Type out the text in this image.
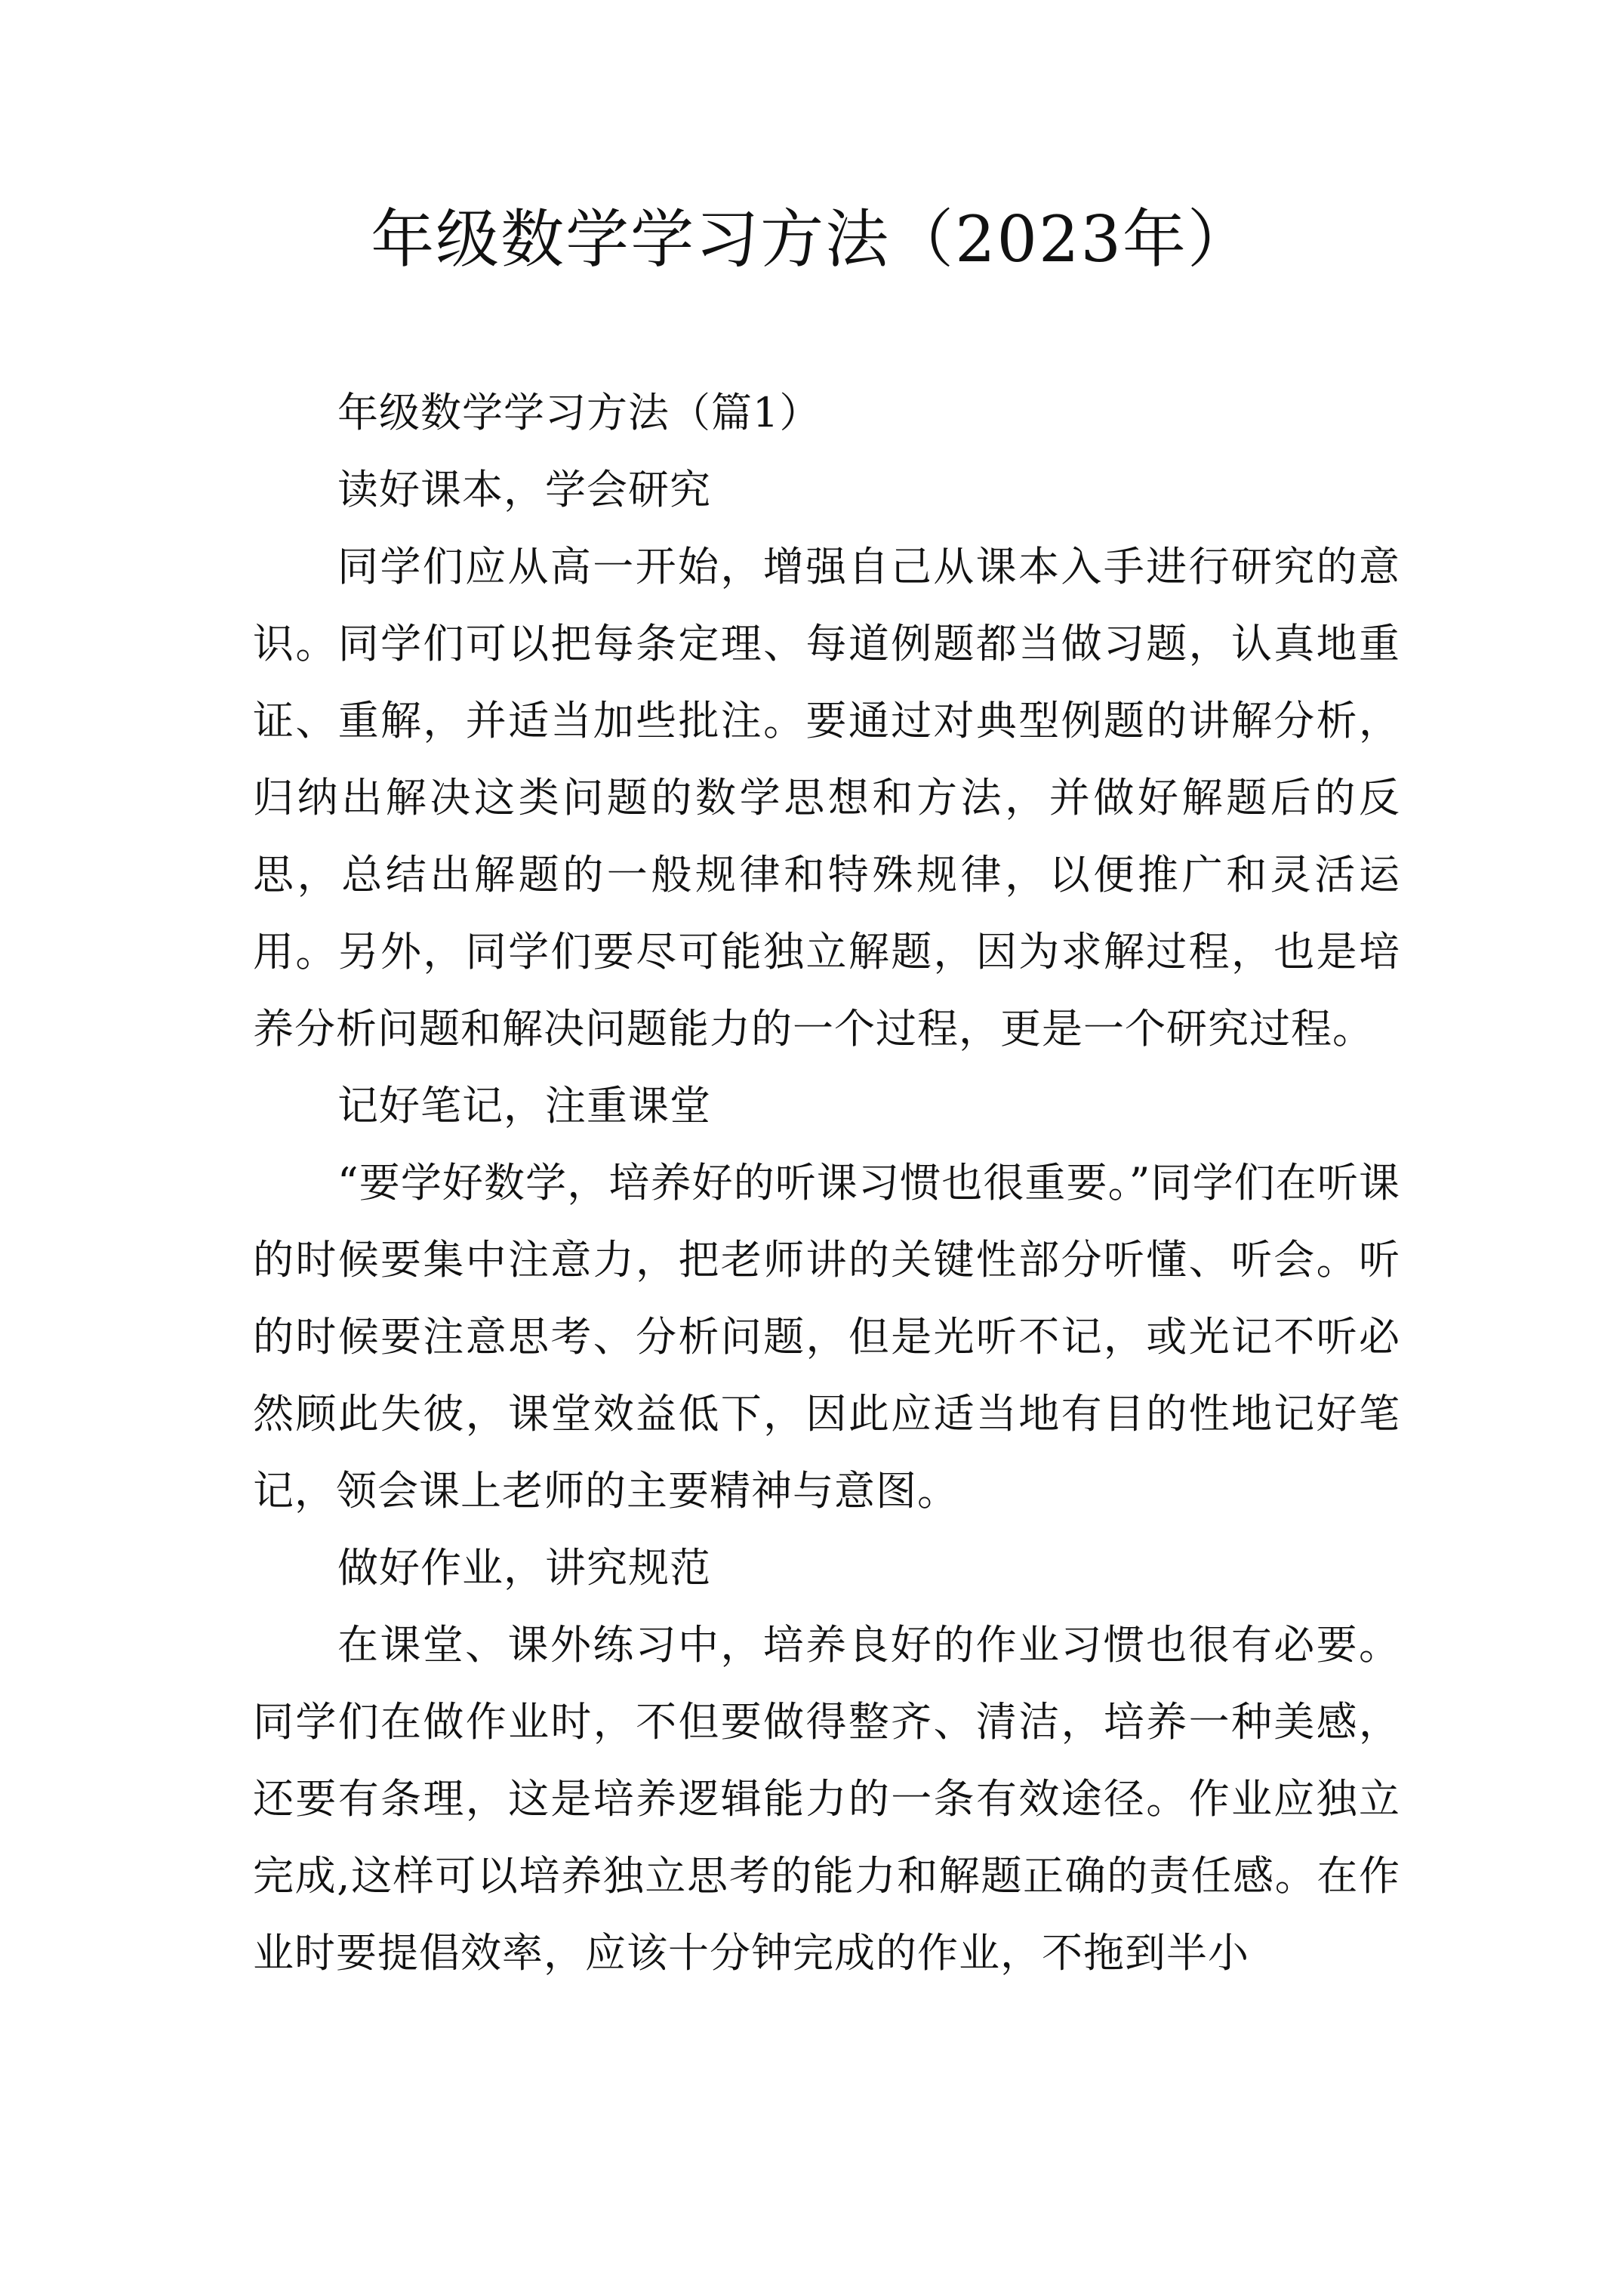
年级数学学习方法（2023年）

年级数学学习方法（篇1）

读好课本，学会研究

同学们应从高一开始，增强自己从课本入手进行研究的意识。同学们可以把每条定理、每道例题都当做习题，认真地重证、重解，并适当加些批注。要通过对典型例题的讲解分析，归纳出解决这类问题的数学思想和方法，并做好解题后的反思，总结出解题的一般规律和特殊规律，以便推广和灵活运用。另外，同学们要尽可能独立解题，因为求解过程，也是培养分析问题和解决问题能力的一个过程，更是一个研究过程。

记好笔记，注重课堂

“要学好数学，培养好的听课习惯也很重要。”同学们在听课的时候要集中注意力，把老师讲的关键性部分听懂、听会。听的时候要注意思考、分析问题，但是光听不记，或光记不听必然顾此失彼，课堂效益低下，因此应适当地有目的性地记好笔记，领会课上老师的主要精神与意图。

做好作业，讲究规范

在课堂、课外练习中，培养良好的作业习惯也很有必要。同学们在做作业时，不但要做得整齐、清洁，培养一种美感，还要有条理，这是培养逻辑能力的一条有效途径。作业应独立完成,这样可以培养独立思考的能力和解题正确的责任感。在作业时要提倡效率，应该十分钟完成的作业，不拖到半小
